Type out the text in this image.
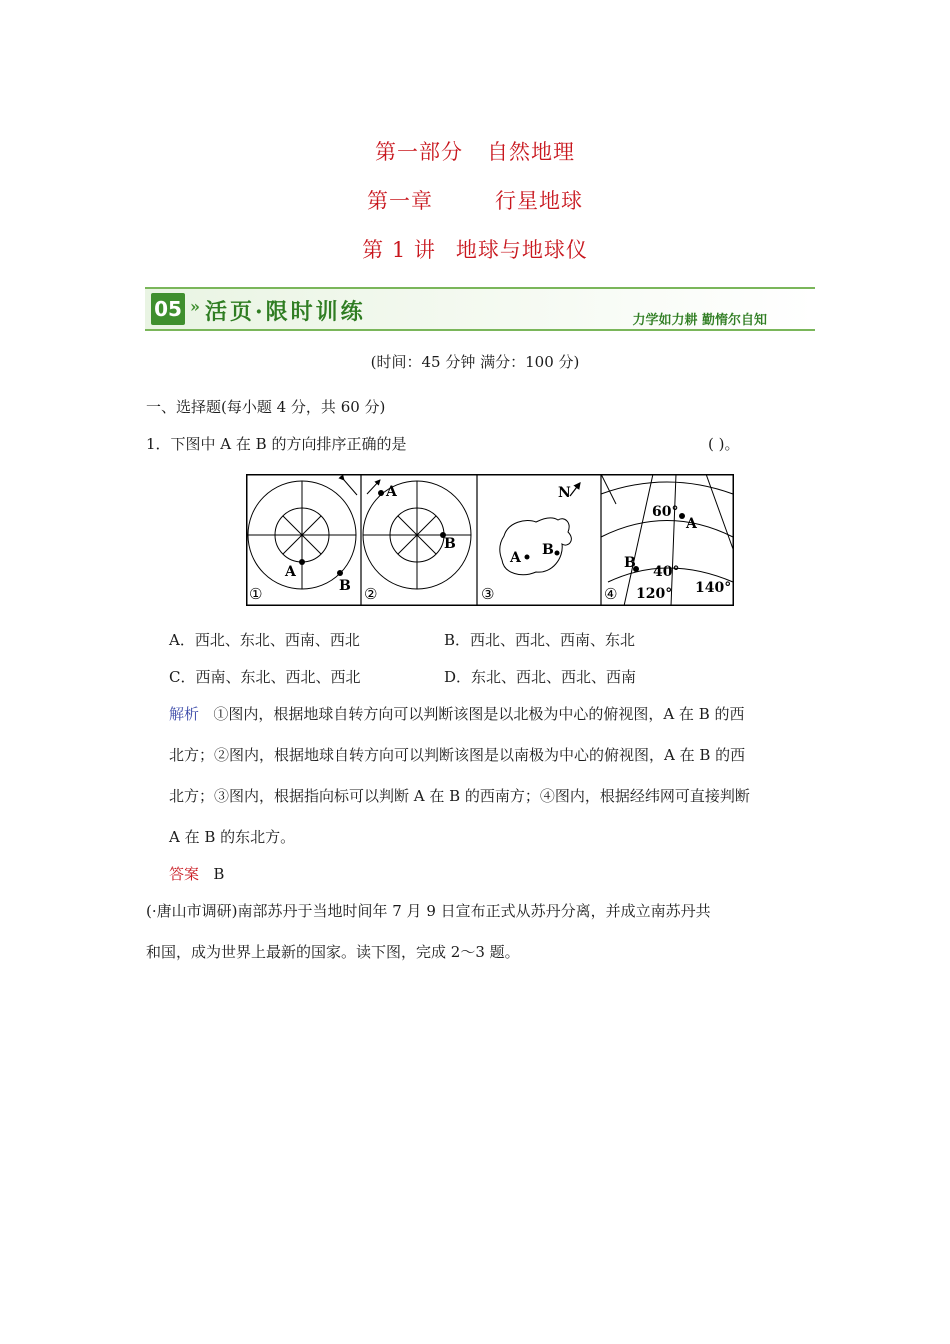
第一部分 自然地理
第一章	行星地球
第 1 讲 地球与地球仪
05 » 活页·限时训练	力学如力耕 勤惰尔自知
(时间：45 分钟 满分：100 分)
一、选择题(每小题 4 分，共 60 分)
1．下图中 A 在 B 的方向排序正确的是	( )。
A
B
①
A
B
②
A B
N
③
60°
A
B
40°
120° 140°
④
A．西北、东北、西南、西北	B．西北、西北、西南、东北
C．西南、东北、西北、西北	D．东北、西北、西北、西南
解析 ①图内，根据地球自转方向可以判断该图是以北极为中心的俯视图，A 在 B 的西
北方；②图内，根据地球自转方向可以判断该图是以南极为中心的俯视图，A 在 B 的西
北方；③图内，根据指向标可以判断 A 在 B 的西南方；④图内，根据经纬网可直接判断
A 在 B 的东北方。
答案 B
(·唐山市调研)南部苏丹于当地时间年 7 月 9 日宣布正式从苏丹分离，并成立南苏丹共
和国，成为世界上最新的国家。读下图，完成 2～3 题。
